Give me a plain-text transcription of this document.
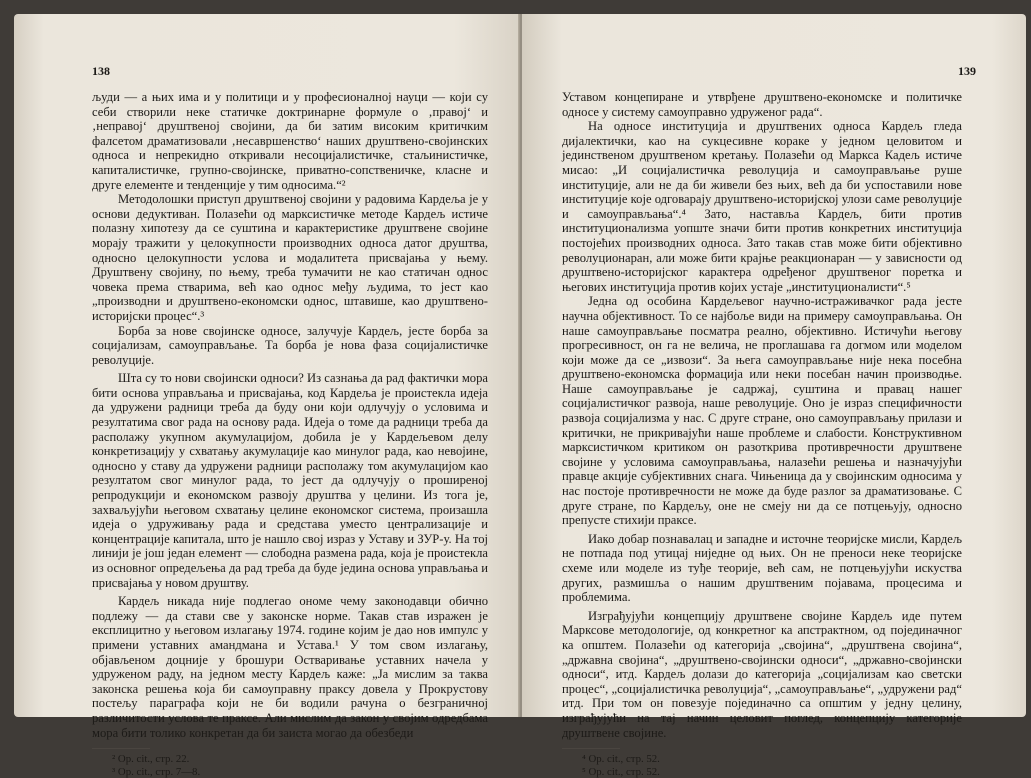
138

људи — а њих има и у политици и у професионалној науци — који су себи створили неке статичке доктринарне формуле о ‚правој‘ и ‚неправој‘ друштвеној својини, да би затим високим критичким фалсетом драматизовали ‚несавршенство‘ наших друштвено-својинских односа и непрекидно откривали несоцијалистичке, стаљинистичке, капиталистичке, групно-својинске, приватно-сопственичке, класне и друге елементе и тенденције у тим односима.“²

Методолошки приступ друштвеној својини у радовима Кардеља је у основи дедуктиван. Полазећи од марксистичке методе Кардељ истиче полазну хипотезу да се суштина и карактеристике друштвене својине морају тражити у целокупности производних односа датог друштва, односно целокупности услова и модалитета присвајања у њему. Друштвену својину, по њему, треба тумачити не као статичан однос човека према стварима, већ као однос међу људима, то јест као „производни и друштвено-економски однос, штавише, као друштвено-историјски процес“.³

Борба за нове својинске односе, залучује Кардељ, јесте борба за социјализам, самоуправљање. Та борба је нова фаза социјалистичке револуције.

Шта су то нови својински односи? Из сазнања да рад фактички мора бити основа управљања и присвајања, код Кардеља је проистекла идеја да удружени радници треба да буду они који одлучују о условима и резултатима свог рада на основу рада. Идеја о томе да радници треба да располажу укупном акумулацијом, добила је у Кардељевом делу конкретизацију у схватању акумулације као минулог рада, као невојине, односно у ставу да удружени радници располажу том акумулацијом као резултатом свог минулог рада, то јест да одлучују о проширеној репродукцији и економском развоју друштва у целини. Из тога је, захваљујући његовом схватању целине економског система, произашла идеја о удруживању рада и средстава уместо централизације и концентрације капитала, што је нашло свој израз у Уставу и ЗУР-у. На тој линији је још један елемент — слободна размена рада, која је проистекла из основног опредељења да рад треба да буде једина основа управљања и присвајања у новом друштву.

Кардељ никада није подлегао ономе чему законодавци обично подлежу — да стави све у законске норме. Такав став изражен је експлицитно у његовом излагању 1974. године којим је дао нов импулс у примени уставних амандмана и Устава.¹ У том свом излагању, објављеном доцније у брошури Остваривање уставних начела у удруженом раду, на једном месту Кардељ каже: „Ја мислим за таква законска решења која би самоуправну праксу довела у Прокрустову постељу параграфа који не би водили рачуна о безграничној различитости услова те праксе. Али мислим да закон у својим одредбама мора бити толико конкретан да би заиста могао да обезбеди

² Op. cit., стр. 22.
³ Op. cit., стр. 7—8.
139

Уставом концепиране и утврђене друштвено-економске и политичке односе у систему самоуправно удруженог рада“.

На односе институција и друштвених односа Кардељ гледа дијалектички, као на сукцесивне кораке у једном целовитом и јединственом друштвеном кретању. Полазећи од Маркса Кадељ истиче мисао: „И социјалистичка револуција и самоуправљање руше институције, али не да би живели без њих, већ да би успоставили нове институције које одговарају друштвено-историјској улози саме револуције и самоуправљања“.⁴ Зато, наставља Кардељ, бити против институционализма уопште значи бити против конкретних институција постојећих производних односа. Зато такав став може бити објективно револуционаран, али може бити крајње реакционаран — у зависности од друштвено-историјског карактера одређеног друштвеног поретка и његових институција против којих устаје „институционалисти“.⁵

Једна од особина Кардељевог научно-истраживачког рада јесте научна објективност. То се најбоље види на примеру самоуправљања. Он наше самоуправљање посматра реално, објективно. Истичући његову прогресивност, он га не велича, не проглашава га догмом или моделом који може да се „извози“. За њега самоуправљање није нека посебна друштвено-економска формација или неки посебан начин производње. Наше самоуправљање је садржај, суштина и правац нашег социјалистичког развоја, наше револуције. Оно је израз специфичности развоја социјализма у нас. С друге стране, оно самоуправљању прилази и критички, не прикривајући наше проблеме и слабости. Конструктивном марксистичком критиком он разоткрива противречности друштвене својине у условима самоуправљања, налазећи решења и назначујући правце акције субјективних снага. Чињеница да у својинским односима у нас постоје противречности не може да буде разлог за драматизовање. С друге стране, по Кардељу, оне не смеју ни да се потцењују, односно препусте стихији праксе.

Иако добар познавалац и западне и источне теоријске мисли, Кардељ не потпада под утицај ниједне од њих. Он не преноси неке теоријске схеме или моделе из туђе теорије, већ сам, не потцењујући искуства других, размишља о нашим друштвеним појавама, процесима и проблемима.

Изграђујући концепцију друштвене својине Кардељ иде путем Марксове методологије, од конкретног ка апстрактном, од појединачног ка општем. Полазећи од категорија „својина“, „друштвена својина“, „државна својина“, „друштвено-својински односи“, „државно-својински односи“, итд. Кардељ долази до категорија „социјализам као светски процес“, „социјалистичка револуција“, „самоуправљање“, „удружени рад“ итд. При том он повезује појединачно са општим у једну целину, изграђујући на тај начин целовит поглед, концепцију категорије друштвене својине.

⁴ Op. cit., стр. 52.
⁵ Op. cit., стр. 52.
